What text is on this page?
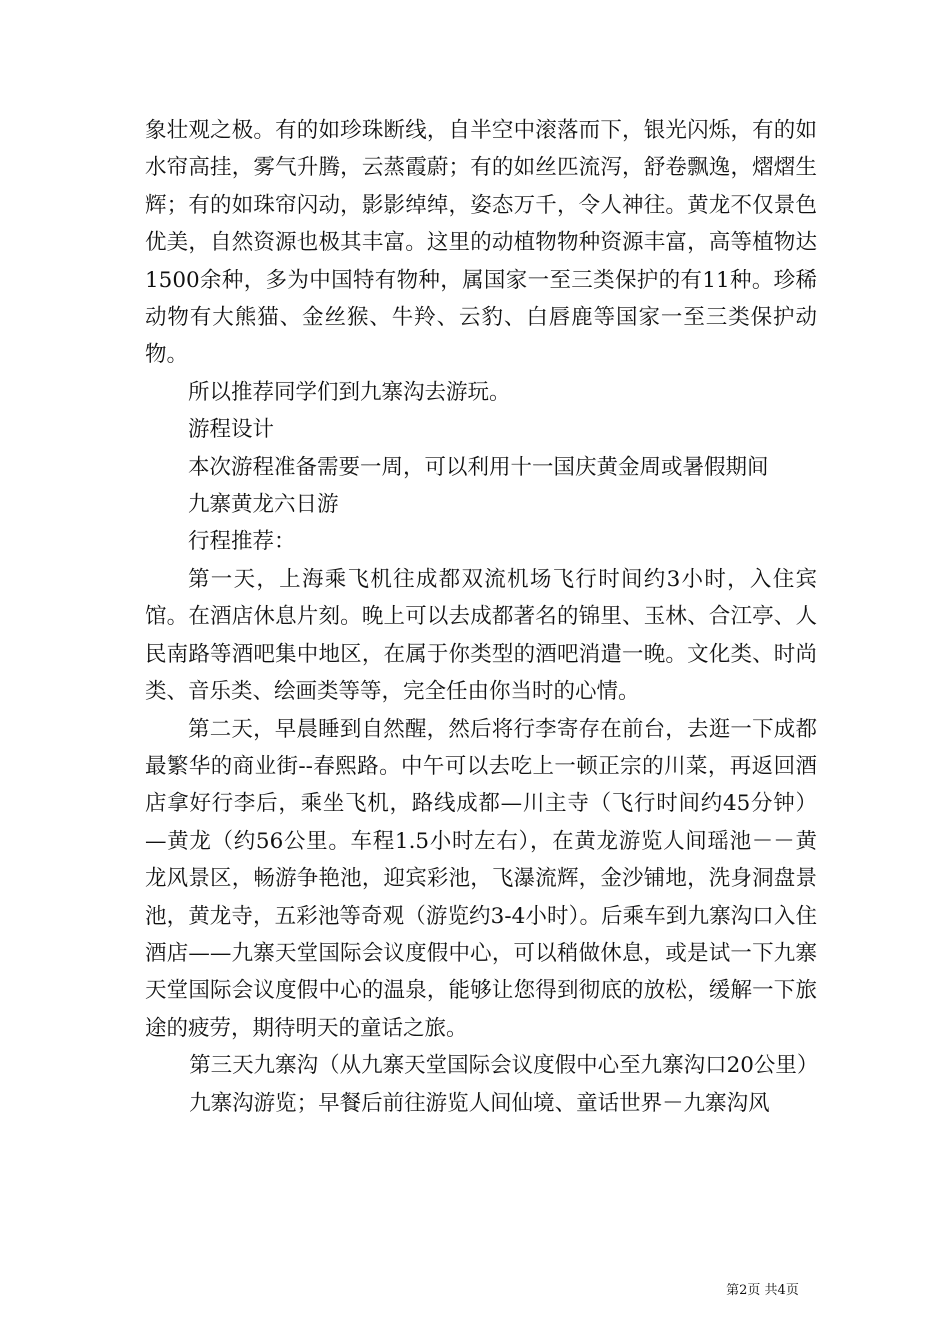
象壮观之极。有的如珍珠断线，自半空中滚落而下，银光闪烁，有的如水帘高挂，雾气升腾，云蒸霞蔚；有的如丝匹流泻，舒卷飘逸，熠熠生辉；有的如珠帘闪动，影影绰绰，姿态万千，令人神往。黄龙不仅景色优美，自然资源也极其丰富。这里的动植物物种资源丰富，高等植物达1500余种，多为中国特有物种，属国家一至三类保护的有11种。珍稀动物有大熊猫、金丝猴、牛羚、云豹、白唇鹿等国家一至三类保护动物。

所以推荐同学们到九寨沟去游玩。

游程设计

本次游程准备需要一周，可以利用十一国庆黄金周或暑假期间

九寨黄龙六日游

行程推荐：

第一天，上海乘飞机往成都双流机场飞行时间约3小时，入住宾馆。在酒店休息片刻。晚上可以去成都著名的锦里、玉林、合江亭、人民南路等酒吧集中地区，在属于你类型的酒吧消遣一晚。文化类、时尚类、音乐类、绘画类等等，完全任由你当时的心情。

第二天，早晨睡到自然醒，然后将行李寄存在前台，去逛一下成都最繁华的商业街--春熙路。中午可以去吃上一顿正宗的川菜，再返回酒店拿好行李后，乘坐飞机，路线成都—川主寺（飞行时间约45分钟）—黄龙（约56公里。车程1.5小时左右），在黄龙游览人间瑶池－－黄龙风景区，畅游争艳池，迎宾彩池，飞瀑流辉，金沙铺地，洗身洞盘景池，黄龙寺，五彩池等奇观（游览约3-4小时）。后乘车到九寨沟口入住酒店——九寨天堂国际会议度假中心，可以稍做休息，或是试一下九寨天堂国际会议度假中心的温泉，能够让您得到彻底的放松，缓解一下旅途的疲劳，期待明天的童话之旅。

第三天九寨沟（从九寨天堂国际会议度假中心至九寨沟口20公里）

九寨沟游览；早餐后前往游览人间仙境、童话世界－九寨沟风

第2页 共4页
